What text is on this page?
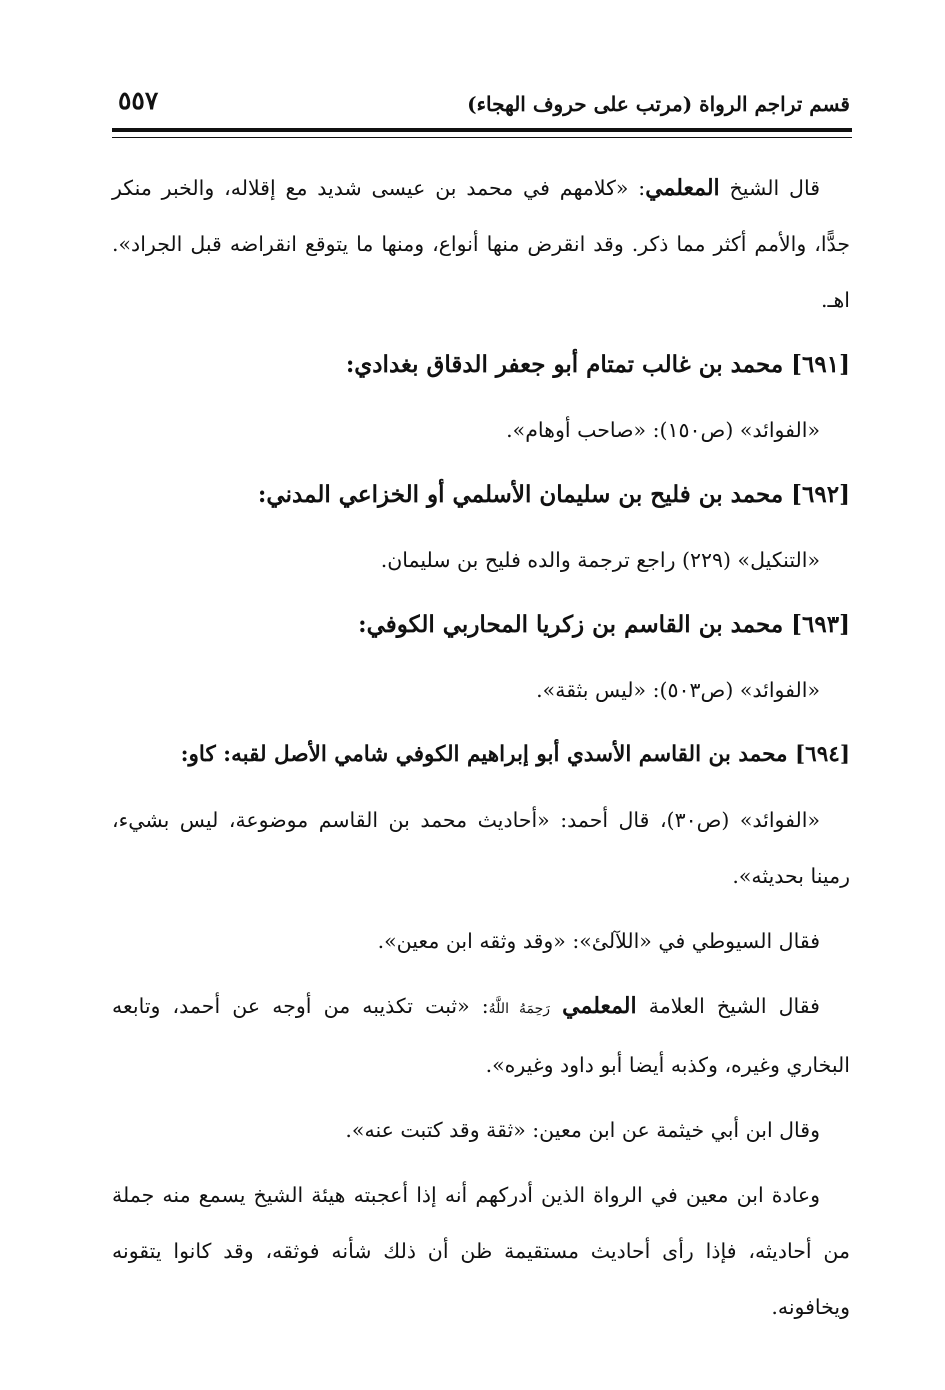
قسم تراجم الرواة (مرتب على حروف الهجاء)
٥٥٧

قال الشيخ المعلمي: «كلامهم في محمد بن عيسى شديد مع إقلاله، والخبر منكر جدًّا، والأمم أكثر مما ذكر. وقد انقرض منها أنواع، ومنها ما يتوقع انقراضه قبل الجراد». اهـ.

[٦٩١] محمد بن غالب تمتام أبو جعفر الدقاق بغدادي:

«الفوائد» (ص١٥٠): «صاحب أوهام».

[٦٩٢] محمد بن فليح بن سليمان الأسلمي أو الخزاعي المدني:

«التنكيل» (٢٢٩) راجع ترجمة والده فليح بن سليمان.

[٦٩٣] محمد بن القاسم بن زكريا المحاربي الكوفي:

«الفوائد» (ص٥٠٣): «ليس بثقة».

[٦٩٤] محمد بن القاسم الأسدي أبو إبراهيم الكوفي شامي الأصل لقبه: كاو:

«الفوائد» (ص٣٠)، قال أحمد: «أحاديث محمد بن القاسم موضوعة، ليس بشيء، رمينا بحديثه».

فقال السيوطي في «اللآلئ»: «وقد وثقه ابن معين».

فقال الشيخ العلامة المعلمي رَحِمَهُ اللَّهُ: «ثبت تكذيبه من أوجه عن أحمد، وتابعه البخاري وغيره، وكذبه أيضا أبو داود وغيره».

وقال ابن أبي خيثمة عن ابن معين: «ثقة وقد كتبت عنه».

وعادة ابن معين في الرواة الذين أدركهم أنه إذا أعجبته هيئة الشيخ يسمع منه جملة من أحاديثه، فإذا رأى أحاديث مستقيمة ظن أن ذلك شأنه فوثقه، وقد كانوا يتقونه ويخافونه.
